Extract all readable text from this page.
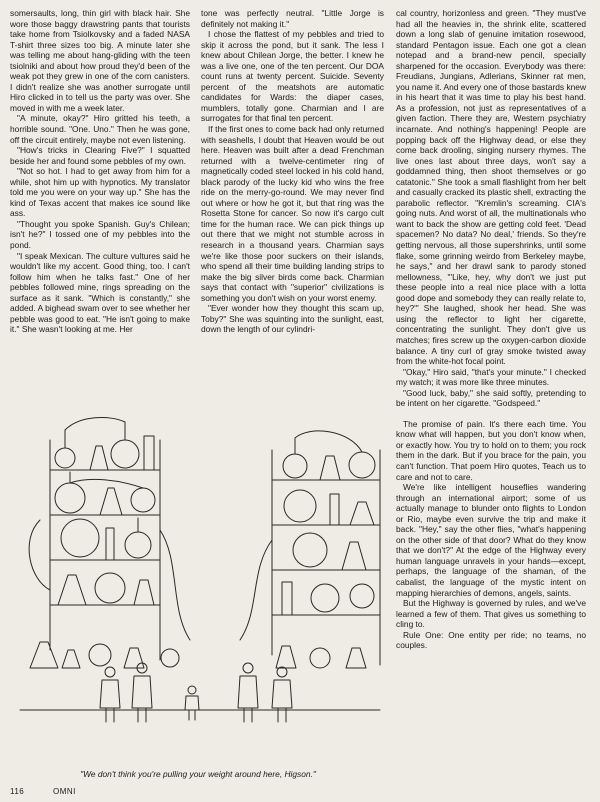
somersaults, long, thin girl with black hair. She wore those baggy drawstring pants that tourists take home from Tsiolkovsky and a faded NASA T-shirt three sizes too big. A minute later she was telling me about hang-gliding with the teen tsiolniki and about how proud they'd been of the weak pot they grew in one of the corn canisters. I didn't realize she was another surrogate until Hiro clicked in to tell us the party was over. She moved in with me a week later.

"A minute, okay?" Hiro gritted his teeth, a horrible sound. "One. Uno." Then he was gone, off the circuit entirely, maybe not even listening.

"How's tricks in Clearing Five?" I squatted beside her and found some pebbles of my own.

"Not so hot. I had to get away from him for a while, shot him up with hypnotics. My translator told me you were on your way up." She has the kind of Texas accent that makes ice sound like ass.

"Thought you spoke Spanish. Guy's Chilean; isn't he?" I tossed one of my pebbles into the pond.

"I speak Mexican. The culture vultures said he wouldn't like my accent. Good thing, too. I can't follow him when he talks fast." One of her pebbles followed mine, rings spreading on the surface as it sank. "Which is constantly," she added. A bighead swam over to see whether her pebble was good to eat. "He isn't going to make it." She wasn't looking at me. Her

tone was perfectly neutral. "Little Jorge is definitely not making it."

I chose the flattest of my pebbles and tried to skip it across the pond, but it sank. The less I knew about Chilean Jorge, the better. I knew he was a live one, one of the ten percent. Our DOA count runs at twenty percent. Suicide. Seventy percent of the meatshots are automatic candidates for Wards: the diaper cases, mumblers, totally gone. Charmian and I are surrogates for that final ten percent.

If the first ones to come back had only returned with seashells, I doubt that Heaven would be out here. Heaven was built after a dead Frenchman returned with a twelve-centimeter ring of magnetically coded steel locked in his cold hand, black parody of the lucky kid who wins the free ride on the merry-go-round. We may never find out where or how he got it, but that ring was the Rosetta Stone for cancer. So now it's cargo cult time for the human race. We can pick things up out there that we might not stumble across in research in a thousand years. Charmian says we're like those poor suckers on their islands, who spend all their time building landing strips to make the big silver birds come back. Charmian says that contact with "superior" civilizations is something you don't wish on your worst enemy.

"Ever wonder how they thought this scam up, Toby?" She was squinting into the sunlight, east, down the length of our cylindri-

cal country, horizonless and green. "They must've had all the heavies in, the shrink elite, scattered down a long slab of genuine imitation rosewood, standard Pentagon issue. Each one got a clean notepad and a brand-new pencil, specially sharpened for the occasion. Everybody was there: Freudians, Jungians, Adlerians, Skinner rat men, you name it. And every one of those bastards knew in his heart that it was time to play his best hand. As a profession, not just as representatives of a given faction. There they are, Western psychiatry incarnate. And nothing's happening! People are popping back off the Highway dead, or else they come back drooling, singing nursery rhymes. The live ones last about three days, won't say a goddamned thing, then shoot themselves or go catatonic." She took a small flashlight from her belt and casually cracked its plastic shell, extracting the parabolic reflector. "Kremlin's screaming. CIA's going nuts. And worst of all, the multinationals who want to back the show are getting cold feet. 'Dead spacemen? No data? No deal,' friends. So they're getting nervous, all those supershrinks, until some flake, some grinning weirdo from Berkeley maybe, he says," and her drawl sank to parody stoned mellowness, "'Like, hey, why don't we just put these people into a real nice place with a lotta good dope and somebody they can really relate to, hey?'" She laughed, shook her head. She was using the reflector to light her cigarette, concentrating the sunlight. They don't give us matches; fires screw up the oxygen-carbon dioxide balance. A tiny curl of gray smoke twisted away from the white-hot focal point.

"Okay," Hiro said, "that's your minute." I checked my watch; it was more like three minutes.

"Good luck, baby," she said softly, pretending to be intent on her cigarette. "Godspeed."

The promise of pain. It's there each time. You know what will happen, but you don't know when, or exactly how. You try to hold on to them; you rock them in the dark. But if you brace for the pain, you can't function. That poem Hiro quotes, Teach us to care and not to care.

We're like intelligent houseflies wandering through an international airport; some of us actually manage to blunder onto flights to London or Rio, maybe even survive the trip and make it back. "Hey," say the other flies, "what's happening on the other side of that door? What do they know that we don't?" At the edge of the Highway every human language unravels in your hands—except, perhaps, the language of the shaman, of the cabalist, the language of the mystic intent on mapping hierarchies of demons, angels, saints.

But the Highway is governed by rules, and we've learned a few of them. That gives us something to cling to.

Rule One: One entity per ride; no teams, no couples.

"We don't think you're pulling your weight around here, Higson."
116	OMNI
